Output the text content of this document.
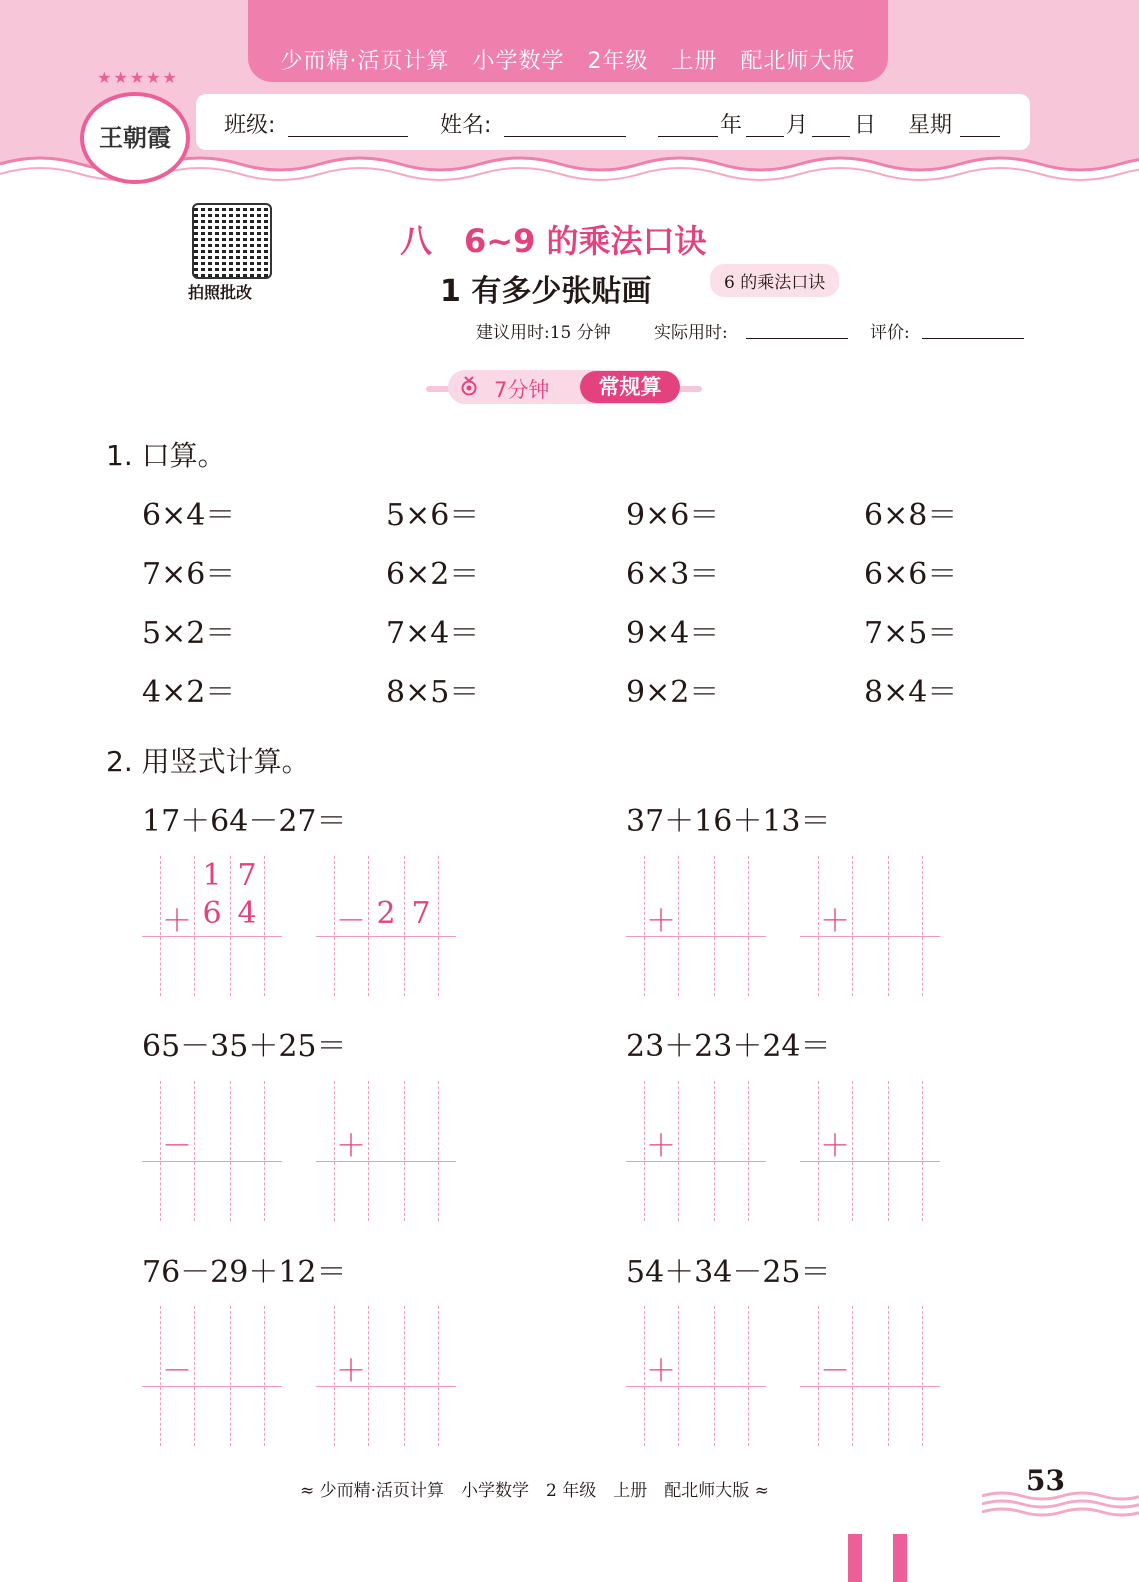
少而精·活页计算　小学数学　2年级　上册　配北师大版
★★★★★
王朝霞	班级:	姓名:	年 月 日 星期
拍照批改
八　6~9 的乘法口诀
1 有多少张贴画	6 的乘法口诀
建议用时:15 分钟	实际用时:	评价:
7分钟	常规算
1. 口算。
6×4＝	5×6＝	9×6＝	6×8＝
7×6＝	6×2＝	6×3＝	6×6＝
5×2＝	7×4＝	9×4＝	7×5＝
4×2＝	8×5＝	9×2＝	8×4＝
2. 用竖式计算。
17＋64－27＝
1 7
＋ 6 4	－ 2 7
37＋16＋13＝
＋	＋
65－35＋25＝
－	＋
23＋23＋24＝
＋	＋
76－29＋12＝
－	＋
54＋34－25＝
＋	－
≈ 少而精·活页计算　小学数学　2 年级　上册　配北师大版 ≈	53
